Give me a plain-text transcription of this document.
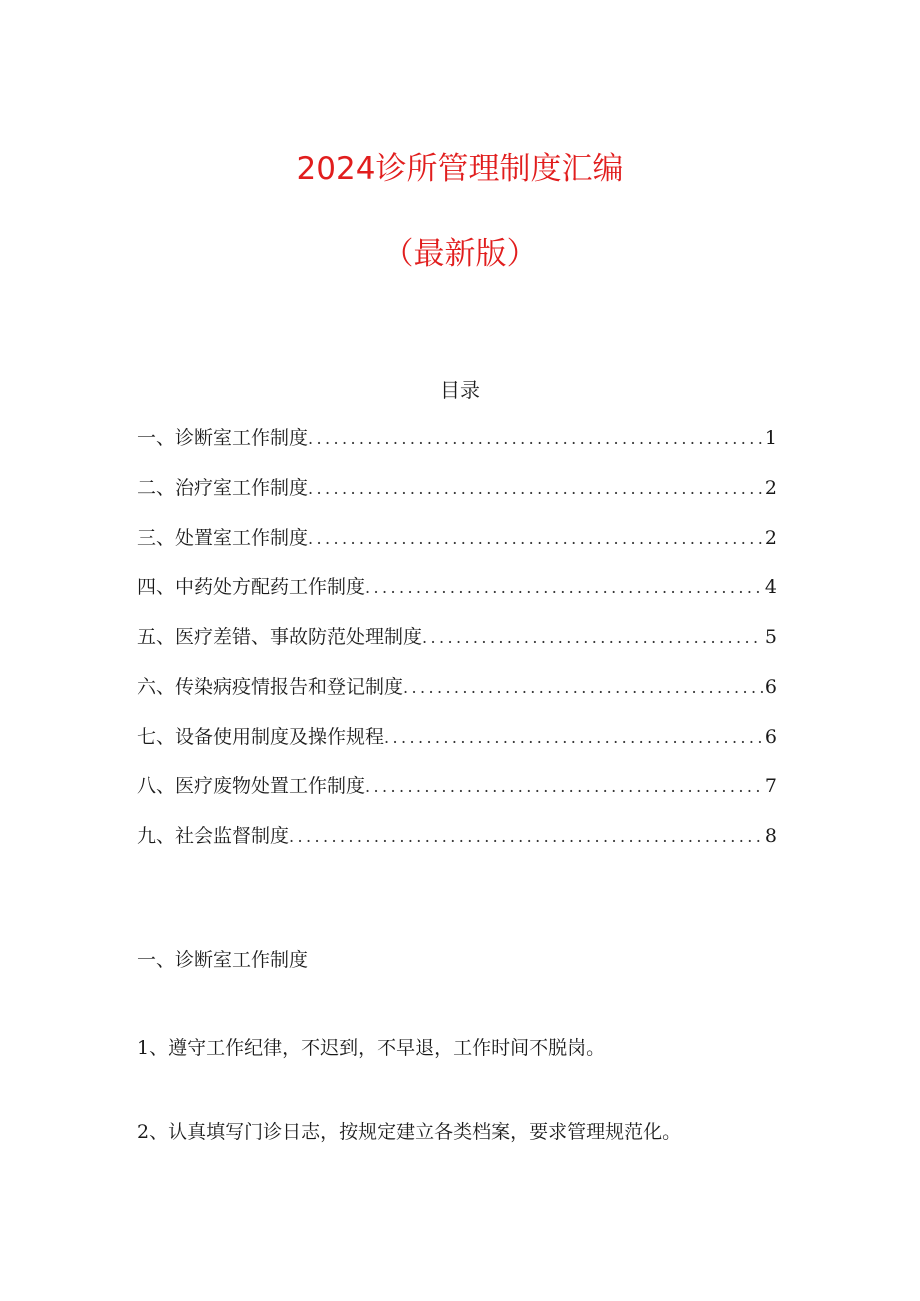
2024诊所管理制度汇编
（最新版）
目录
一、诊断室工作制度 .....	1
二、治疗室工作制度 .....	2
三、处置室工作制度 .....	2
四、中药处方配药工作制度 .....	4
五、医疗差错、事故防范处理制度 .....	5
六、传染病疫情报告和登记制度 .....	6
七、设备使用制度及操作规程 .....	6
八、医疗废物处置工作制度 .....	7
九、社会监督制度 .....	8
一、诊断室工作制度
1、遵守工作纪律，不迟到，不早退，工作时间不脱岗。
2、认真填写门诊日志，按规定建立各类档案，要求管理规范化。
